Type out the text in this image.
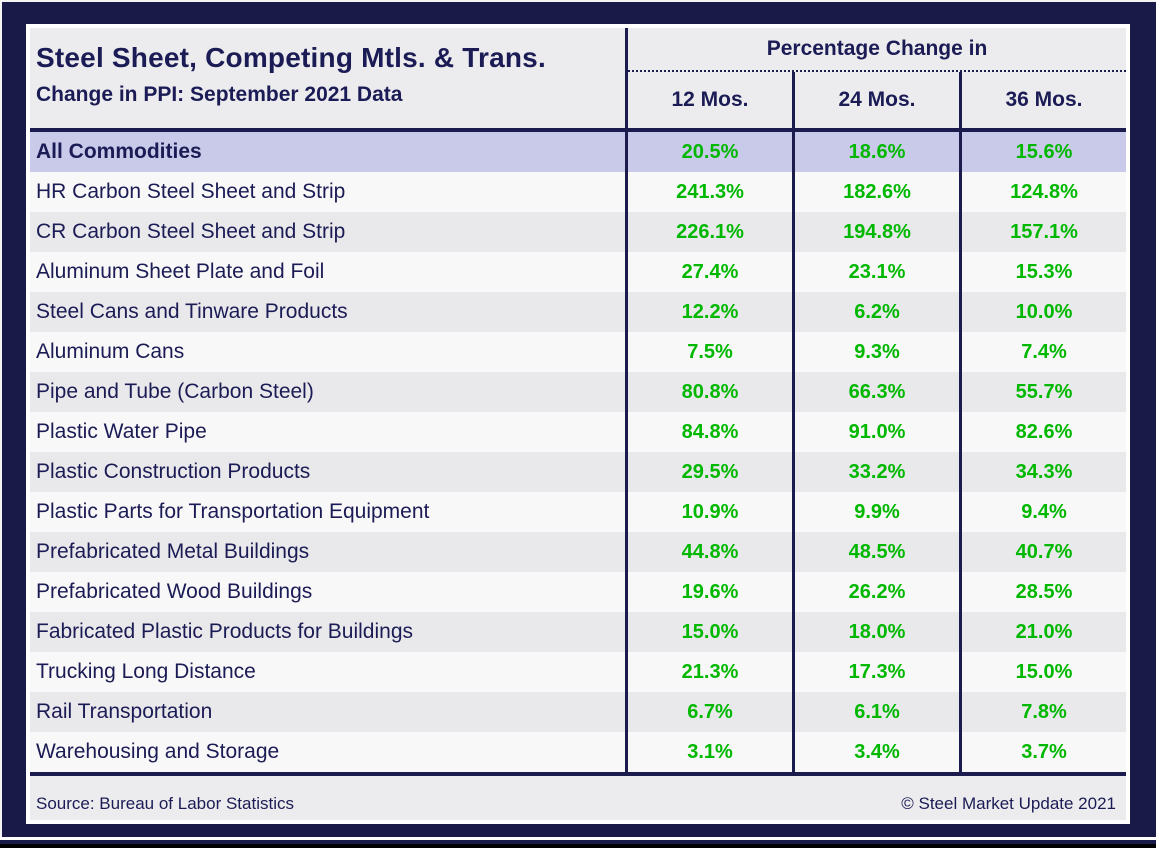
Steel Sheet, Competing Mtls. & Trans.
Change in PPI: September 2021 Data
Percentage Change in
12 Mos.	24 Mos.	36 Mos.
All Commodities	20.5%	18.6%	15.6%
HR Carbon Steel Sheet and Strip	241.3%	182.6%	124.8%
CR Carbon Steel Sheet and Strip	226.1%	194.8%	157.1%
Aluminum Sheet Plate and Foil	27.4%	23.1%	15.3%
Steel Cans and Tinware Products	12.2%	6.2%	10.0%
Aluminum Cans	7.5%	9.3%	7.4%
Pipe and Tube (Carbon Steel)	80.8%	66.3%	55.7%
Plastic Water Pipe	84.8%	91.0%	82.6%
Plastic Construction Products	29.5%	33.2%	34.3%
Plastic Parts for Transportation Equipment	10.9%	9.9%	9.4%
Prefabricated Metal Buildings	44.8%	48.5%	40.7%
Prefabricated Wood Buildings	19.6%	26.2%	28.5%
Fabricated Plastic Products for Buildings	15.0%	18.0%	21.0%
Trucking Long Distance	21.3%	17.3%	15.0%
Rail Transportation	6.7%	6.1%	7.8%
Warehousing and Storage	3.1%	3.4%	3.7%
Source: Bureau of Labor Statistics	© Steel Market Update 2021
